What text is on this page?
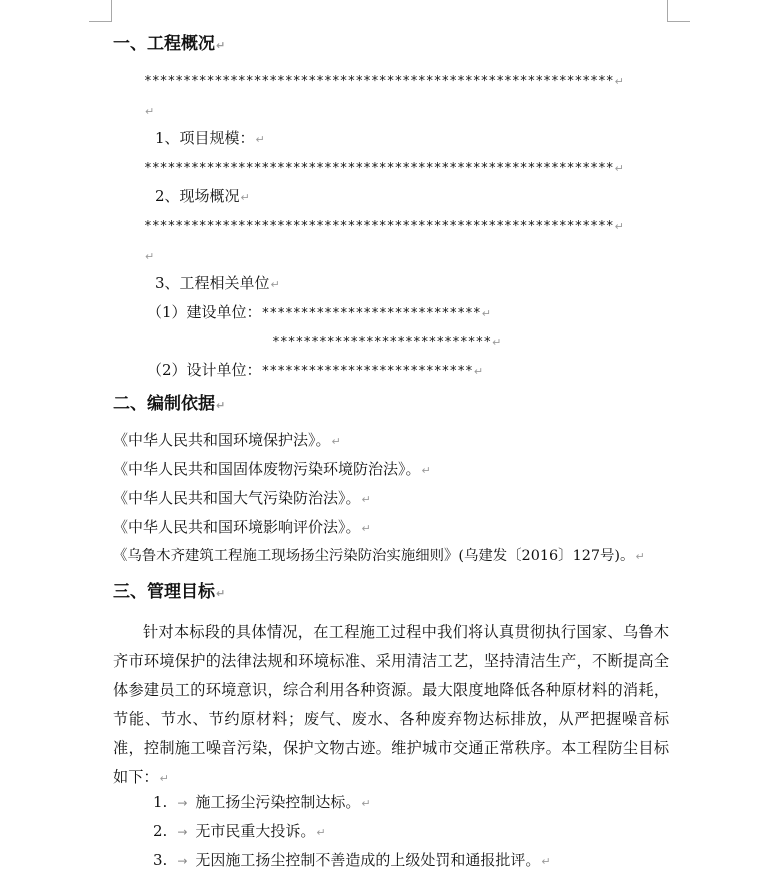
一、工程概况↵
************************************************************↵
↵
1、项目规模：↵
************************************************************↵
2、现场概况↵
************************************************************↵
↵
3、工程相关单位↵
（1）建设单位：****************************↵
****************************↵
（2）设计单位：***************************↵
二、编制依据↵
《中华人民共和国环境保护法》。↵
《中华人民共和国固体废物污染环境防治法》。↵
《中华人民共和国大气污染防治法》。↵
《中华人民共和国环境影响评价法》。↵
《乌鲁木齐建筑工程施工现场扬尘污染防治实施细则》(乌建发〔2016〕127号)。↵
三、管理目标↵
针对本标段的具体情况，在工程施工过程中我们将认真贯彻执行国家、乌鲁木齐市环境保护的法律法规和环境标准、采用清洁工艺，坚持清洁生产，不断提高全体参建员工的环境意识，综合利用各种资源。最大限度地降低各种原材料的消耗，节能、节水、节约原材料；废气、废水、各种废弃物达标排放，从严把握噪音标准，控制施工噪音污染，保护文物古迹。维护城市交通正常秩序。本工程防尘目标如下：↵
1. → 施工扬尘污染控制达标。↵
2. → 无市民重大投诉。↵
3. → 无因施工扬尘控制不善造成的上级处罚和通报批评。↵
